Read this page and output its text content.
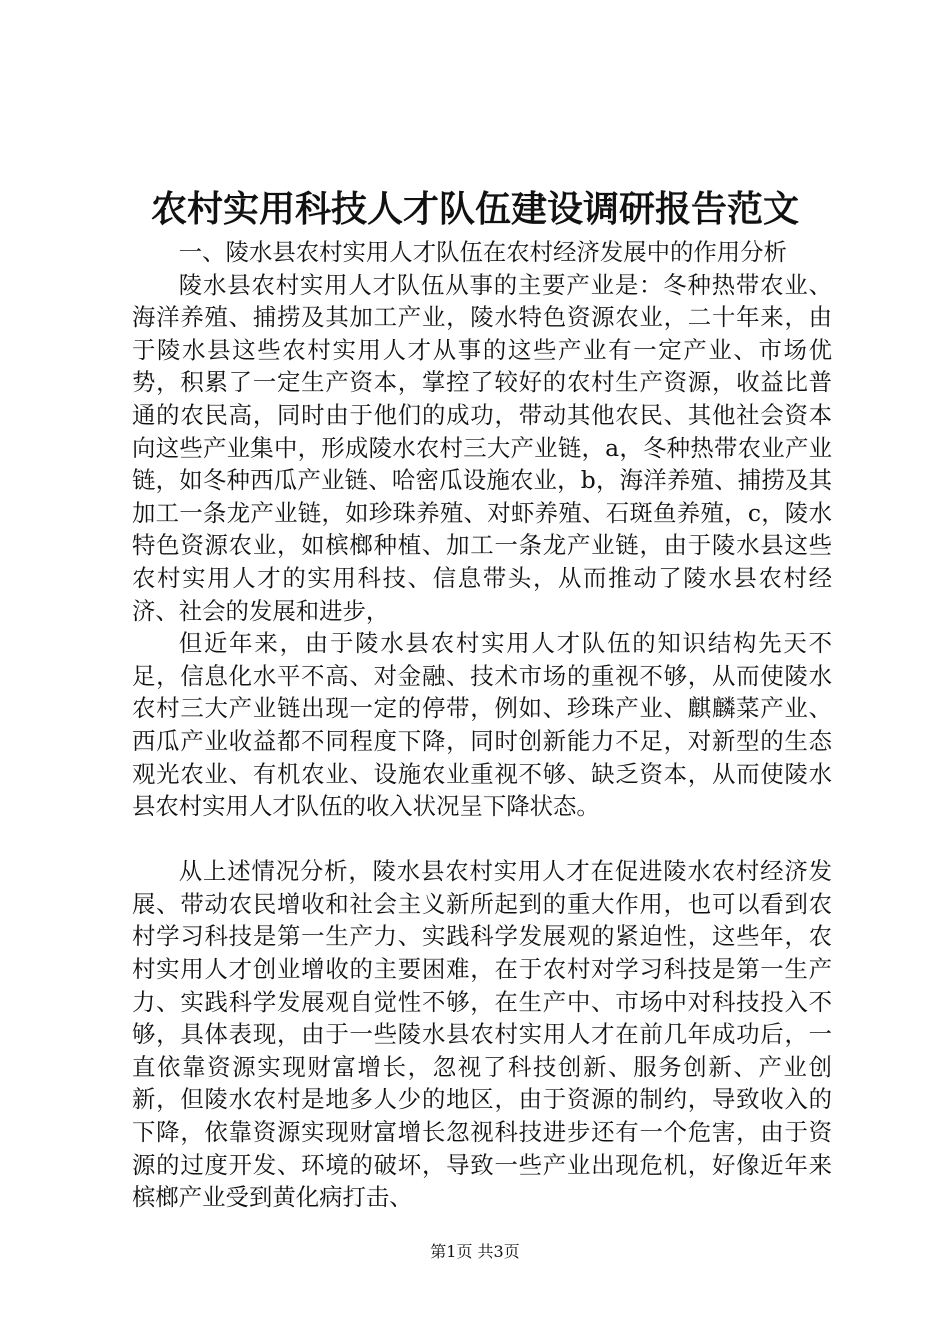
农村实用科技人才队伍建设调研报告范文

一、陵水县农村实用人才队伍在农村经济发展中的作用分析

陵水县农村实用人才队伍从事的主要产业是：冬种热带农业、海洋养殖、捕捞及其加工产业，陵水特色资源农业，二十年来，由于陵水县这些农村实用人才从事的这些产业有一定产业、市场优势，积累了一定生产资本，掌控了较好的农村生产资源，收益比普通的农民高，同时由于他们的成功，带动其他农民、其他社会资本向这些产业集中，形成陵水农村三大产业链，a，冬种热带农业产业链，如冬种西瓜产业链、哈密瓜设施农业，b，海洋养殖、捕捞及其加工一条龙产业链，如珍珠养殖、对虾养殖、石斑鱼养殖，c，陵水特色资源农业，如槟榔种植、加工一条龙产业链，由于陵水县这些农村实用人才的实用科技、信息带头，从而推动了陵水县农村经济、社会的发展和进步，

但近年来，由于陵水县农村实用人才队伍的知识结构先天不足，信息化水平不高、对金融、技术市场的重视不够，从而使陵水农村三大产业链出现一定的停带，例如、珍珠产业、麒麟菜产业、西瓜产业收益都不同程度下降，同时创新能力不足，对新型的生态观光农业、有机农业、设施农业重视不够、缺乏资本，从而使陵水县农村实用人才队伍的收入状况呈下降状态。

从上述情况分析，陵水县农村实用人才在促进陵水农村经济发展、带动农民增收和社会主义新所起到的重大作用，也可以看到农村学习科技是第一生产力、实践科学发展观的紧迫性，这些年，农村实用人才创业增收的主要困难，在于农村对学习科技是第一生产力、实践科学发展观自觉性不够，在生产中、市场中对科技投入不够，具体表现，由于一些陵水县农村实用人才在前几年成功后，一直依靠资源实现财富增长，忽视了科技创新、服务创新、产业创新，但陵水农村是地多人少的地区，由于资源的制约，导致收入的下降，依靠资源实现财富增长忽视科技进步还有一个危害，由于资源的过度开发、环境的破坏，导致一些产业出现危机，好像近年来槟榔产业受到黄化病打击、

第1页 共3页
